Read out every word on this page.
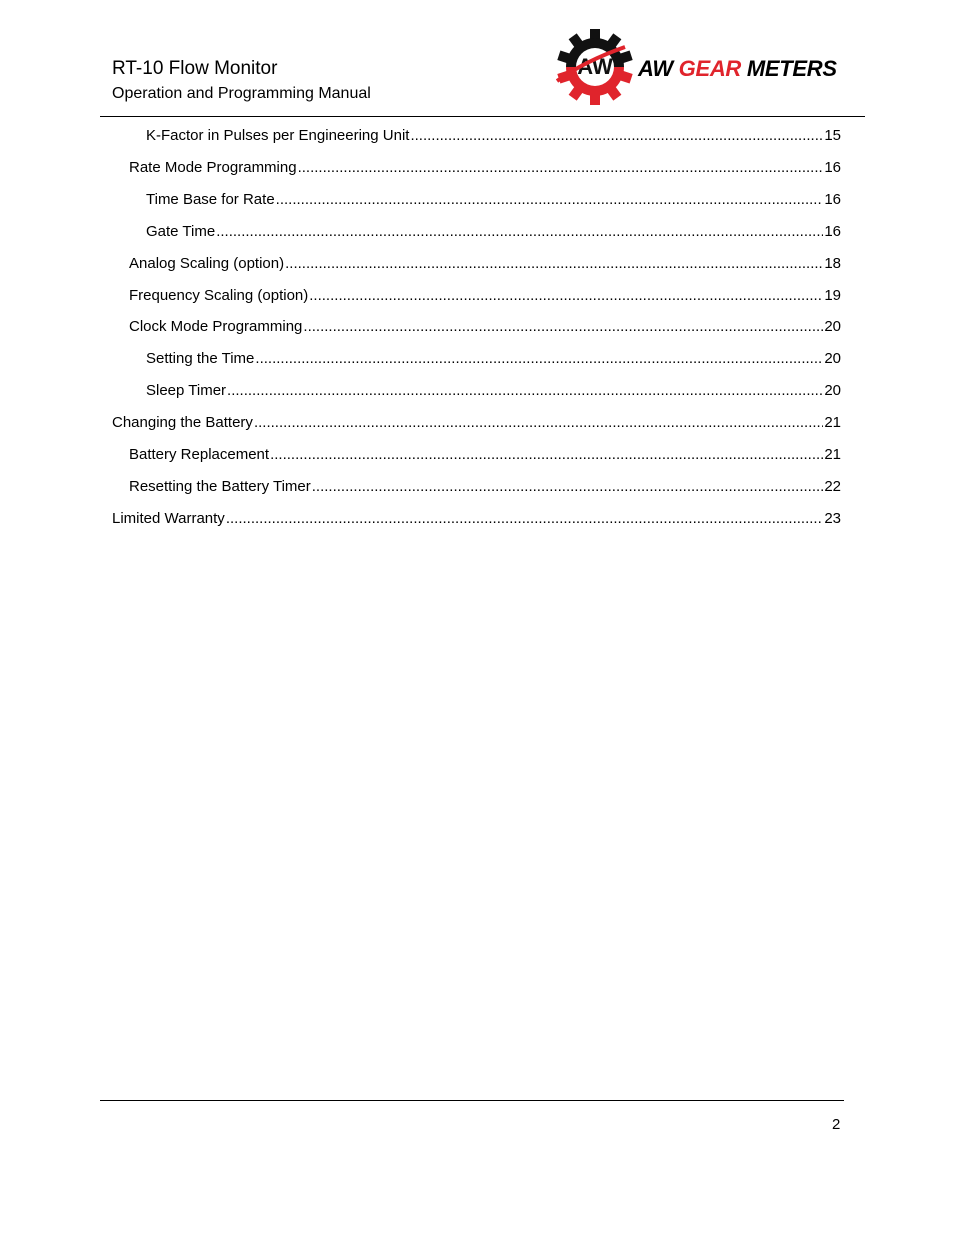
RT-10 Flow Monitor
Operation and Programming Manual
AW AW GEAR METERS
K-Factor in Pulses per Engineering Unit .....	15
Rate Mode Programming .....	16
Time Base for Rate .....	16
Gate Time .....	16
Analog Scaling (option) .....	18
Frequency Scaling (option) .....	19
Clock Mode Programming .....	20
Setting the Time .....	20
Sleep Timer .....	20
Changing the Battery .....	21
Battery Replacement .....	21
Resetting the Battery Timer .....	22
Limited Warranty .....	23
2
